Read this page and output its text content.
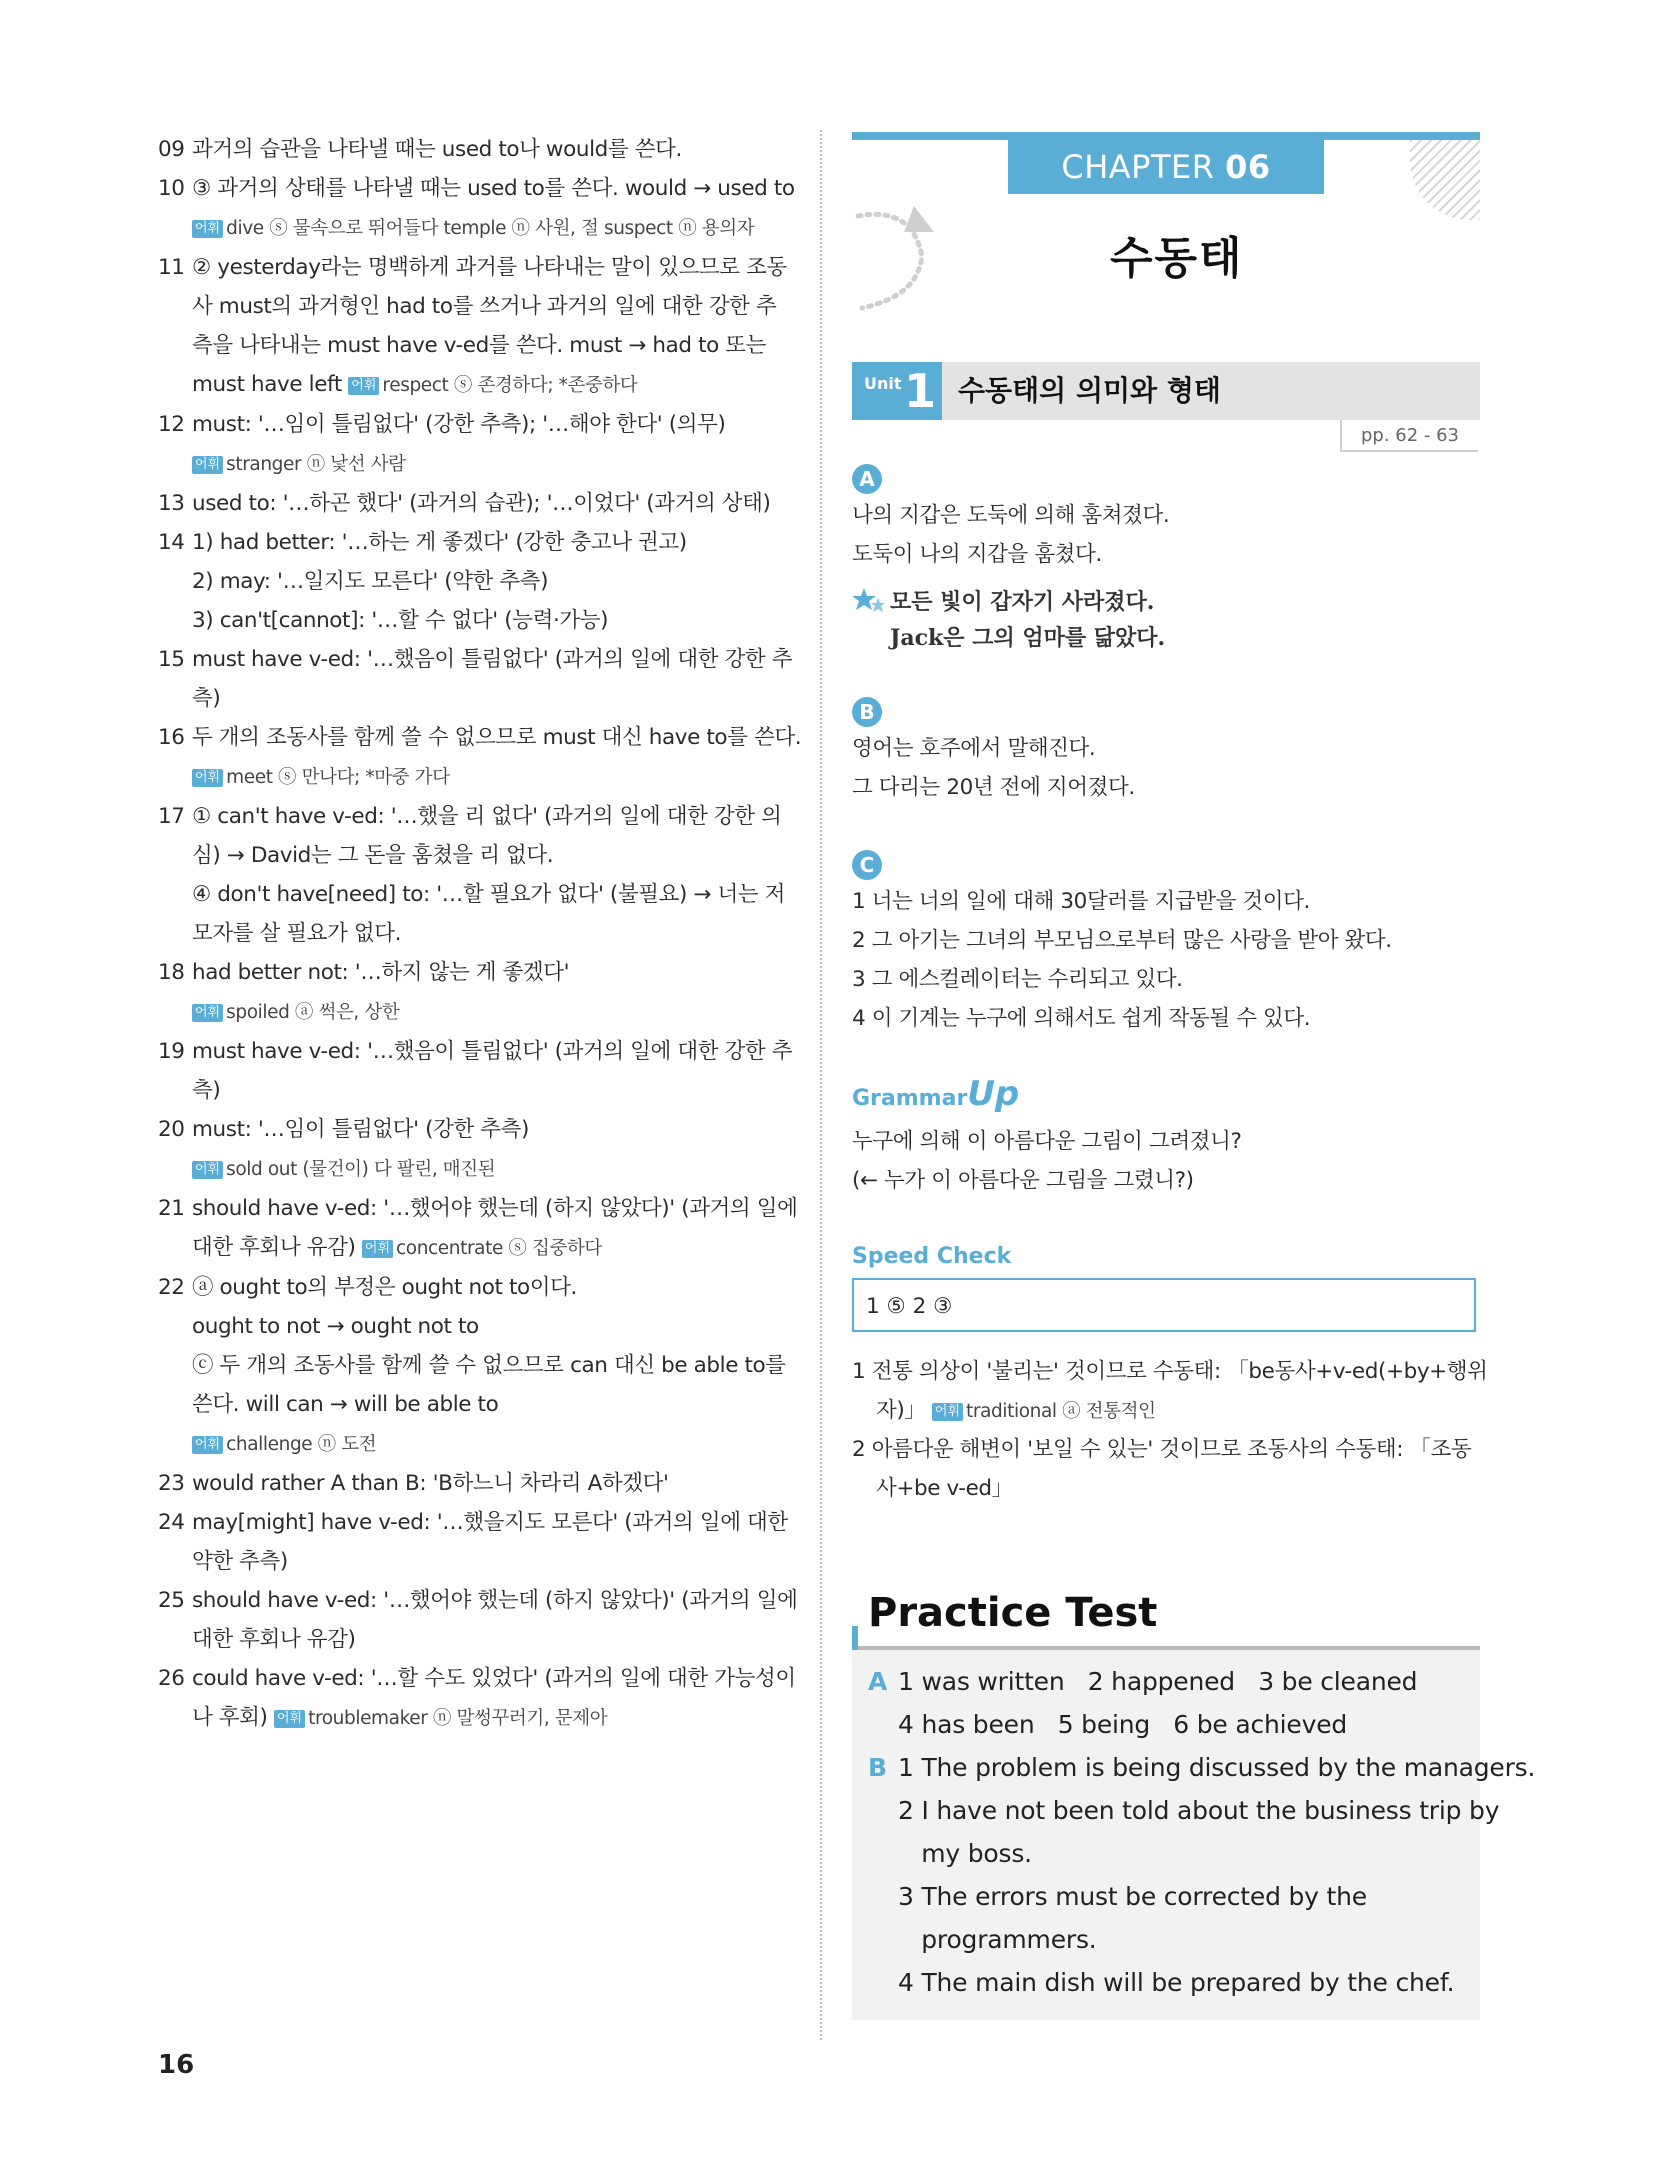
09 과거의 습관을 나타낼 때는 used to나 would를 쓴다.
10 ③ 과거의 상태를 나타낼 때는 used to를 쓴다. would → used to
어휘 dive ⓢ 물속으로 뛰어들다 temple ⓝ 사원, 절 suspect ⓝ 용의자
11 ② yesterday라는 명백하게 과거를 나타내는 말이 있으므로 조동
사 must의 과거형인 had to를 쓰거나 과거의 일에 대한 강한 추
측을 나타내는 must have v-ed를 쓴다. must → had to 또는
must have left 어휘 respect ⓢ 존경하다; *존중하다
12 must: '…임이 틀림없다' (강한 추측); '…해야 한다' (의무)
어휘 stranger ⓝ 낯선 사람
13 used to: '…하곤 했다' (과거의 습관); '…이었다' (과거의 상태)
14 1) had better: '…하는 게 좋겠다' (강한 충고나 권고)
2) may: '…일지도 모른다' (약한 추측)
3) can't[cannot]: '…할 수 없다' (능력·가능)
15 must have v-ed: '…했음이 틀림없다' (과거의 일에 대한 강한 추
측)
16 두 개의 조동사를 함께 쓸 수 없으므로 must 대신 have to를 쓴다.
어휘 meet ⓢ 만나다; *마중 가다
17 ① can't have v-ed: '…했을 리 없다' (과거의 일에 대한 강한 의
심) → David는 그 돈을 훔쳤을 리 없다.
④ don't have[need] to: '…할 필요가 없다' (불필요) → 너는 저
모자를 살 필요가 없다.
18 had better not: '…하지 않는 게 좋겠다'
어휘 spoiled ⓐ 썩은, 상한
19 must have v-ed: '…했음이 틀림없다' (과거의 일에 대한 강한 추
측)
20 must: '…임이 틀림없다' (강한 추측)
어휘 sold out (물건이) 다 팔린, 매진된
21 should have v-ed: '…했어야 했는데 (하지 않았다)' (과거의 일에
대한 후회나 유감) 어휘 concentrate ⓢ 집중하다
22 ⓐ ought to의 부정은 ought not to이다.
ought to not → ought not to
ⓒ 두 개의 조동사를 함께 쓸 수 없으므로 can 대신 be able to를
쓴다. will can → will be able to
어휘 challenge ⓝ 도전
23 would rather A than B: 'B하느니 차라리 A하겠다'
24 may[might] have v-ed: '…했을지도 모른다' (과거의 일에 대한
약한 추측)
25 should have v-ed: '…했어야 했는데 (하지 않았다)' (과거의 일에
대한 후회나 유감)
26 could have v-ed: '…할 수도 있었다' (과거의 일에 대한 가능성이
나 후회) 어휘 troublemaker ⓝ 말썽꾸러기, 문제아
CHAPTER 06
수동태
Unit 1 수동태의 의미와 형태
pp. 62 - 63
A
나의 지갑은 도둑에 의해 훔쳐졌다.
도둑이 나의 지갑을 훔쳤다.
모든 빛이 갑자기 사라졌다.
Jack은 그의 엄마를 닮았다.
B
영어는 호주에서 말해진다.
그 다리는 20년 전에 지어졌다.
C
1 너는 너의 일에 대해 30달러를 지급받을 것이다.
2 그 아기는 그녀의 부모님으로부터 많은 사랑을 받아 왔다.
3 그 에스컬레이터는 수리되고 있다.
4 이 기계는 누구에 의해서도 쉽게 작동될 수 있다.
GrammarUp
누구에 의해 이 아름다운 그림이 그려졌니?
(← 누가 이 아름다운 그림을 그렸니?)
Speed Check
1 ⑤ 2 ③
1 전통 의상이 '불리는' 것이므로 수동태: 「be동사+v-ed(+by+행위
자)」 어휘 traditional ⓐ 전통적인
2 아름다운 해변이 '보일 수 있는' 것이므로 조동사의 수동태: 「조동
사+be v-ed」
Practice Test
A 1 was written   2 happened   3 be cleaned
4 has been   5 being   6 be achieved
B 1 The problem is being discussed by the managers.
2 I have not been told about the business trip by
my boss.
3 The errors must be corrected by the
programmers.
4 The main dish will be prepared by the chef.
16
